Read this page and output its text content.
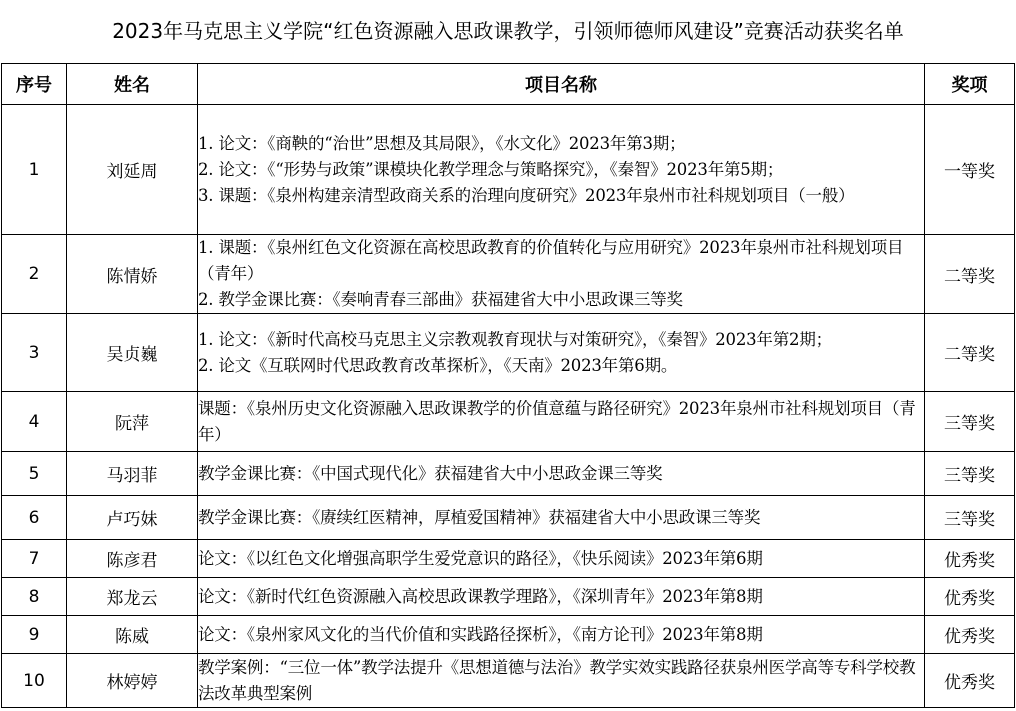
2023年马克思主义学院“红色资源融入思政课教学，引领师德师风建设”竞赛活动获奖名单
序号	姓名	项目名称	奖项
1	刘延周	1. 论文：《商鞅的“治世”思想及其局限》，《水文化》2023年第3期；
2. 论文：《“形势与政策”课模块化教学理念与策略探究》，《秦智》2023年第5期；
3. 课题：《泉州构建亲清型政商关系的治理向度研究》2023年泉州市社科规划项目（一般）	一等奖
2	陈情娇	1. 课题：《泉州红色文化资源在高校思政教育的价值转化与应用研究》2023年泉州市社科规划项目（青年）
2. 教学金课比赛：《奏响青春三部曲》获福建省大中小思政课三等奖	二等奖
3	吴贞巍	1. 论文：《新时代高校马克思主义宗教观教育现状与对策研究》，《秦智》2023年第2期；
2. 论文《互联网时代思政教育改革探析》，《天南》2023年第6期。	二等奖
4	阮萍	课题：《泉州历史文化资源融入思政课教学的价值意蕴与路径研究》2023年泉州市社科规划项目（青年）	三等奖
5	马羽菲	教学金课比赛：《中国式现代化》获福建省大中小思政金课三等奖	三等奖
6	卢巧妹	教学金课比赛：《赓续红医精神，厚植爱国精神》获福建省大中小思政课三等奖	三等奖
7	陈彦君	论文：《以红色文化增强高职学生爱党意识的路径》，《快乐阅读》2023年第6期	优秀奖
8	郑龙云	论文：《新时代红色资源融入高校思政课教学理路》，《深圳青年》2023年第8期	优秀奖
9	陈威	论文：《泉州家风文化的当代价值和实践路径探析》，《南方论刊》2023年第8期	优秀奖
10	林婷婷	教学案例：“三位一体”教学法提升《思想道德与法治》教学实效实践路径获泉州医学高等专科学校教法改革典型案例	优秀奖
